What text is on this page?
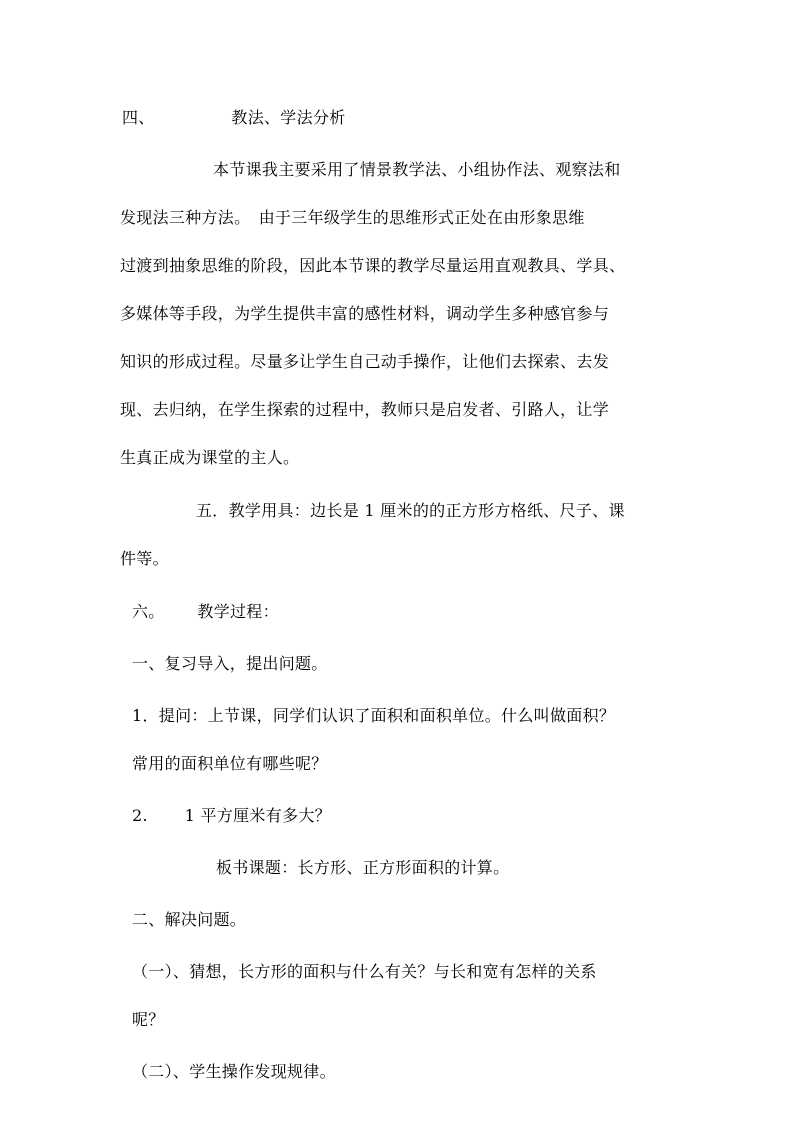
四、	教法、学法分析
本节课我主要采用了情景教学法、小组协作法、观察法和
发现法三种方法。　由于三年级学生的思维形式正处在由形象思维
过渡到抽象思维的阶段，因此本节课的教学尽量运用直观教具、学具、
多媒体等手段，为学生提供丰富的感性材料，调动学生多种感官参与
知识的形成过程。尽量多让学生自己动手操作，让他们去探索、去发
现、去归纳，在学生探索的过程中，教师只是启发者、引路人，让学
生真正成为课堂的主人。
五．教学用具：边长是 1 厘米的的正方形方格纸、尺子、课
件等。
六。 教学过程：
一、复习导入，提出问题。
1．提问：上节课，同学们认识了面积和面积单位。什么叫做面积？
常用的面积单位有哪些呢？
2. 1 平方厘米有多大？
板书课题：长方形、正方形面积的计算。
二、解决问题。
（一）、猜想，长方形的面积与什么有关？与长和宽有怎样的关系
呢？
（二）、学生操作发现规律。
